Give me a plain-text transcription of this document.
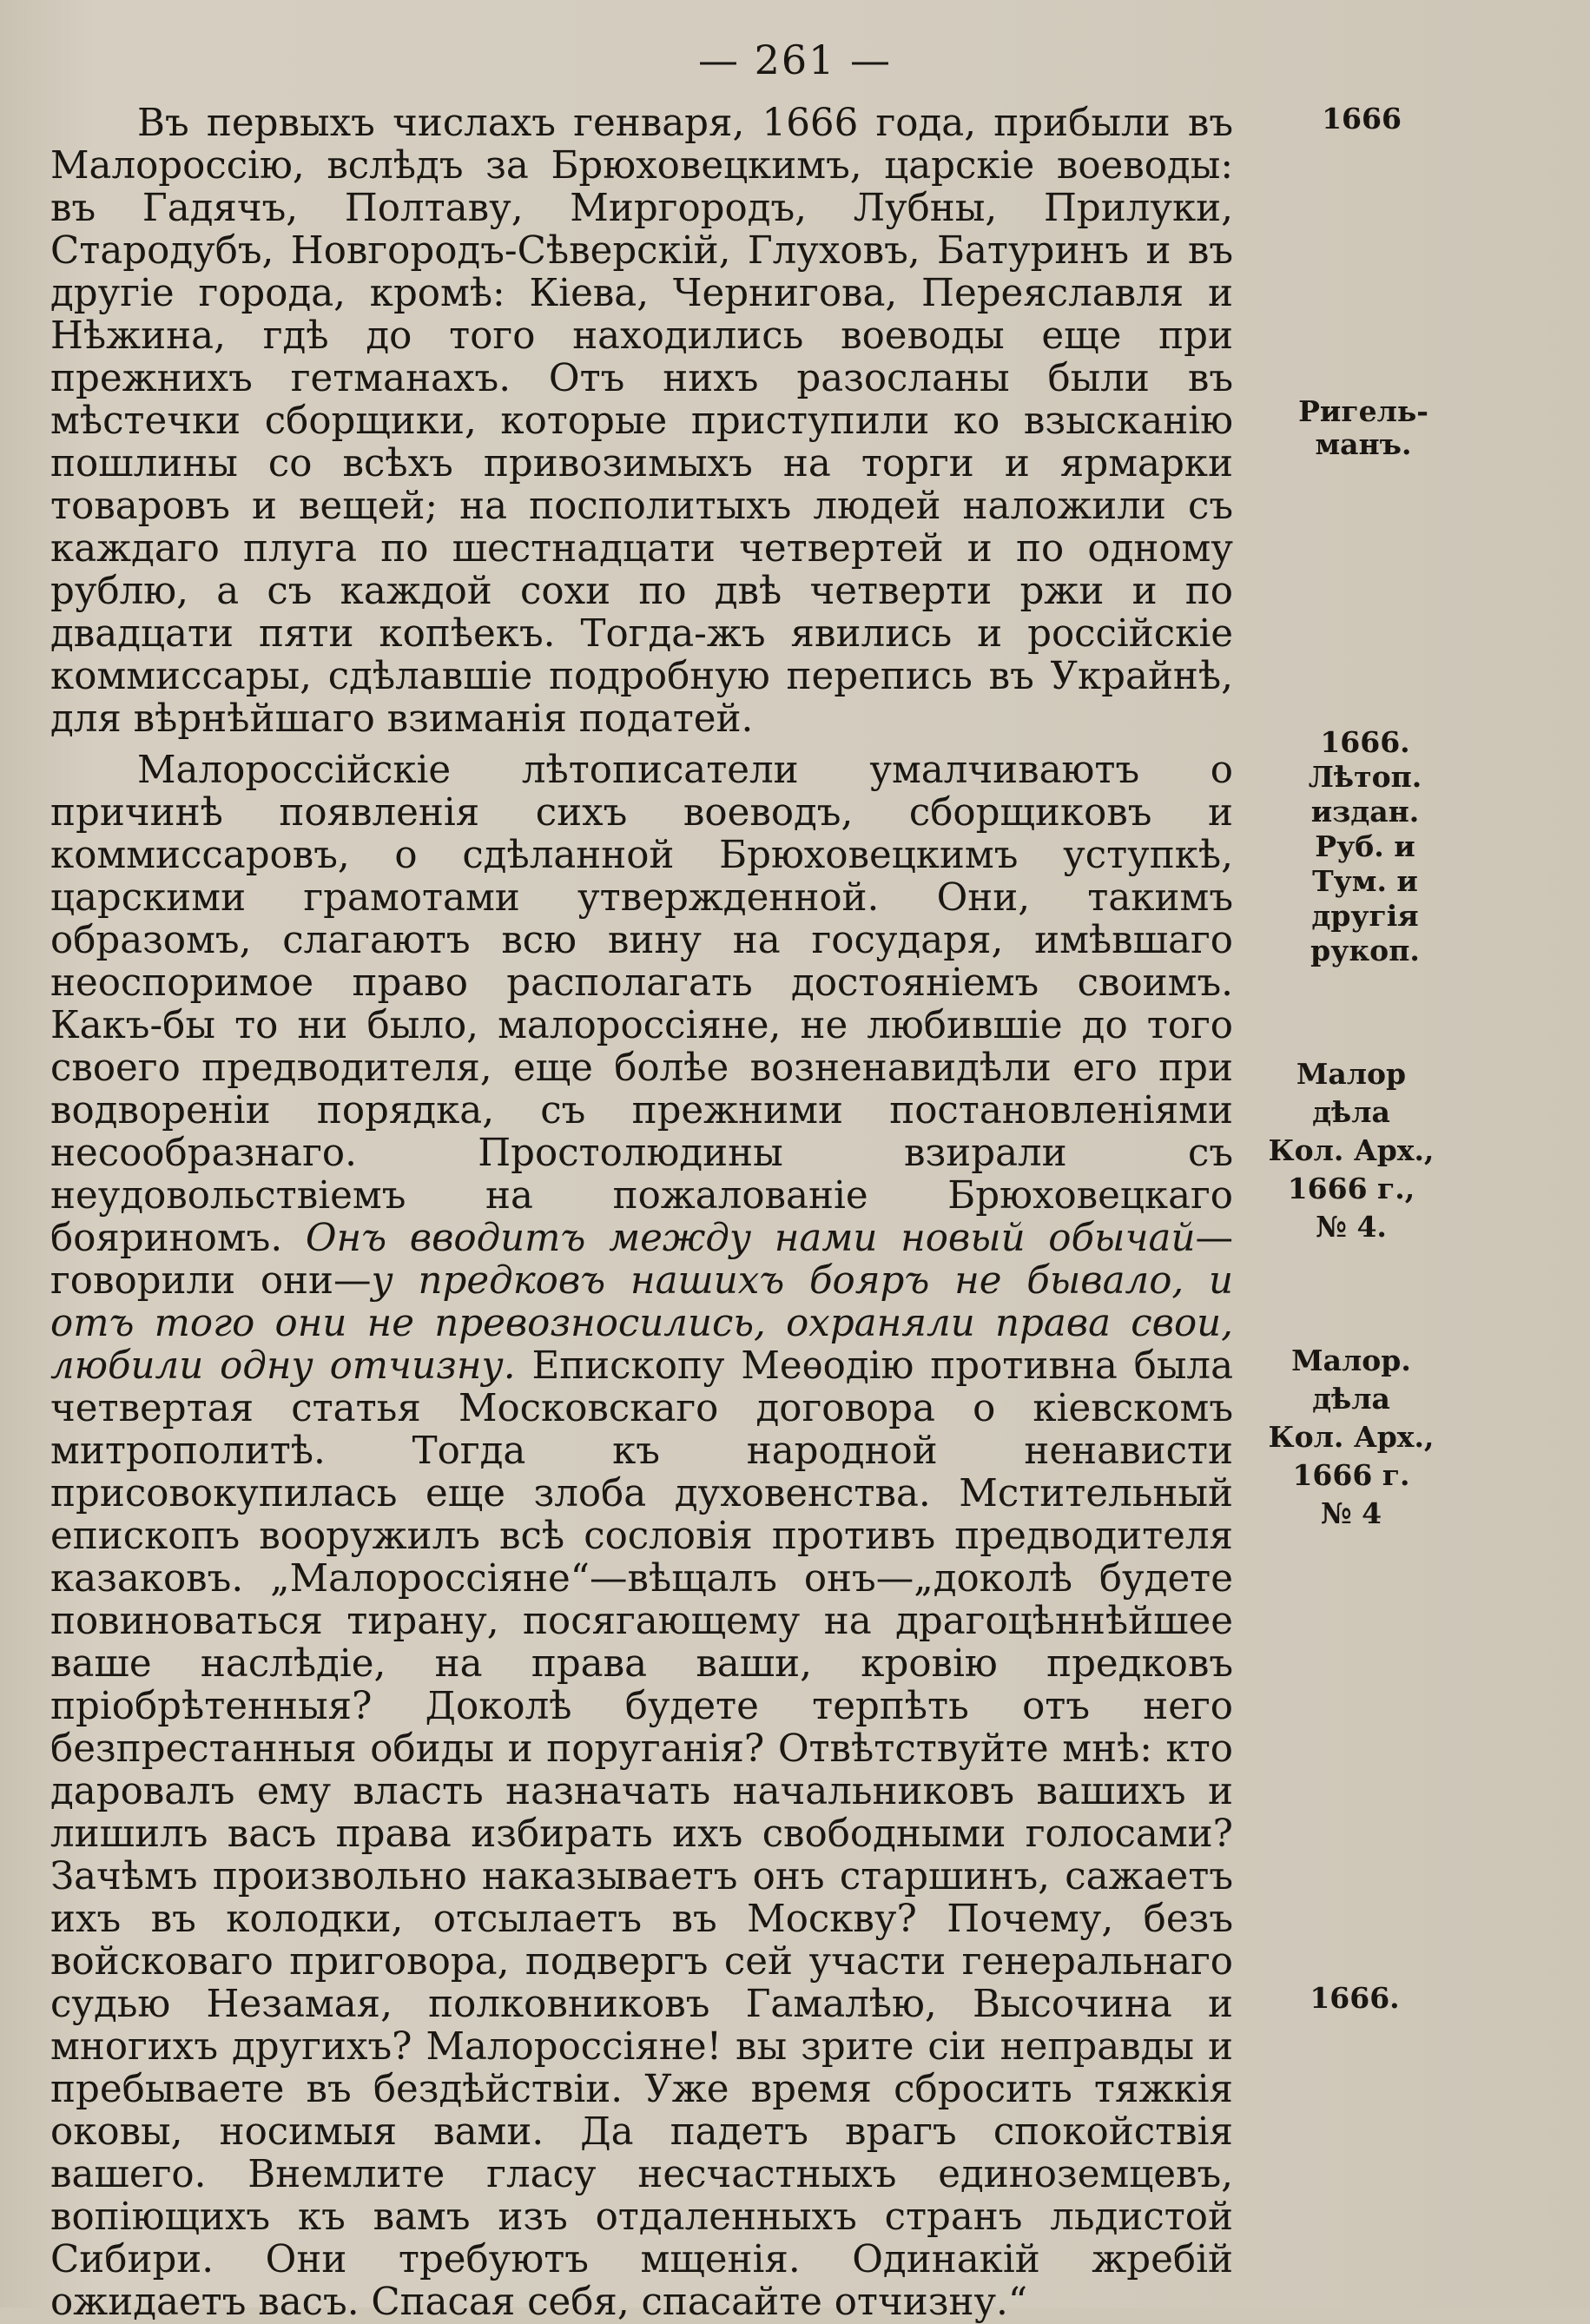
— 261 —

Въ первыхъ числахъ генваря, 1666 года, прибыли въ Малороссію, вслѣдъ за Брюховецкимъ, царскіе воеводы: въ Гадячъ, Полтаву, Миргородъ, Лубны, Прилуки, Стародубъ, Новгородъ-Сѣверскій, Глуховъ, Батуринъ и въ другіе города, кромѣ: Кіева, Чернигова, Переяславля и Нѣжина, гдѣ до того находились воеводы еще при прежнихъ гетманахъ. Отъ нихъ разосланы были въ мѣстечки сборщики, которые приступили ко взысканію пошлины со всѣхъ привозимыхъ на торги и ярмарки товаровъ и вещей; на посполитыхъ людей наложили съ каждаго плуга по шестнадцати четвертей и по одному рублю, а съ каждой сохи по двѣ четверти ржи и по двадцати пяти копѣекъ. Тогда-жъ явились и россійскіе коммиссары, сдѣлавшіе подробную перепись въ Украйнѣ, для вѣрнѣйшаго взиманія податей.

Малороссійскіе лѣтописатели умалчиваютъ о причинѣ появленія сихъ воеводъ, сборщиковъ и коммиссаровъ, о сдѣланной Брюховецкимъ уступкѣ, царскими грамотами утвержденной. Они, такимъ образомъ, слагаютъ всю вину на государя, имѣвшаго неоспоримое право располагать достояніемъ своимъ. Какъ-бы то ни было, малороссіяне, не любившіе до того своего предводителя, еще болѣе возненавидѣли его при водвореніи порядка, съ прежними постановленіями несообразнаго. Простолюдины взирали съ неудовольствіемъ на пожалованіе Брюховецкаго бояриномъ. Онъ вводитъ между нами новый обычай—говорили они—у предковъ нашихъ бояръ не бывало, и отъ того они не превозносились, охраняли права свои, любили одну отчизну. Епископу Меѳодію противна была четвертая статья Московскаго договора о кіевскомъ митрополитѣ. Тогда къ народной ненависти присовокупилась еще злоба духовенства. Мстительный епископъ вооружилъ всѣ сословія противъ предводителя казаковъ. „Малороссіяне“—вѣщалъ онъ—„доколѣ будете повиноваться тирану, посягающему на драгоцѣннѣйшее ваше наслѣдіе, на права ваши, кровію предковъ пріобрѣтенныя? Доколѣ будете терпѣть отъ него безпрестанныя обиды и поруганія? Отвѣтствуйте мнѣ: кто даровалъ ему власть назначать начальниковъ вашихъ и лишилъ васъ права избирать ихъ свободными голосами? Зачѣмъ произвольно наказываетъ онъ старшинъ, сажаетъ ихъ въ колодки, отсылаетъ въ Москву? Почему, безъ войсковаго приговора, подвергъ сей участи генеральнаго судью Незамая, полковниковъ Гамалѣю, Высочина и многихъ другихъ? Малороссіяне! вы зрите сіи неправды и пребываете въ бездѣйствіи. Уже время сбросить тяжкія оковы, носимыя вами. Да падетъ врагъ спокойствія вашего. Внемлите гласу несчастныхъ единоземцевъ, вопіющихъ къ вамъ изъ отдаленныхъ странъ льдистой Сибири. Они требуютъ мщенія. Одинакій жребій ожидаетъ васъ. Спасая себя, спасайте отчизну.“

1666
Ригель-
манъ.
1666.
Лѣтоп.
издан.
Руб. и
Тум. и
другія
рукоп.
Малор
дѣла
Кол. Арх.,
1666 г.,
№ 4.
Малор.
дѣла
Кол. Арх.,
1666 г.
№ 4
1666.
